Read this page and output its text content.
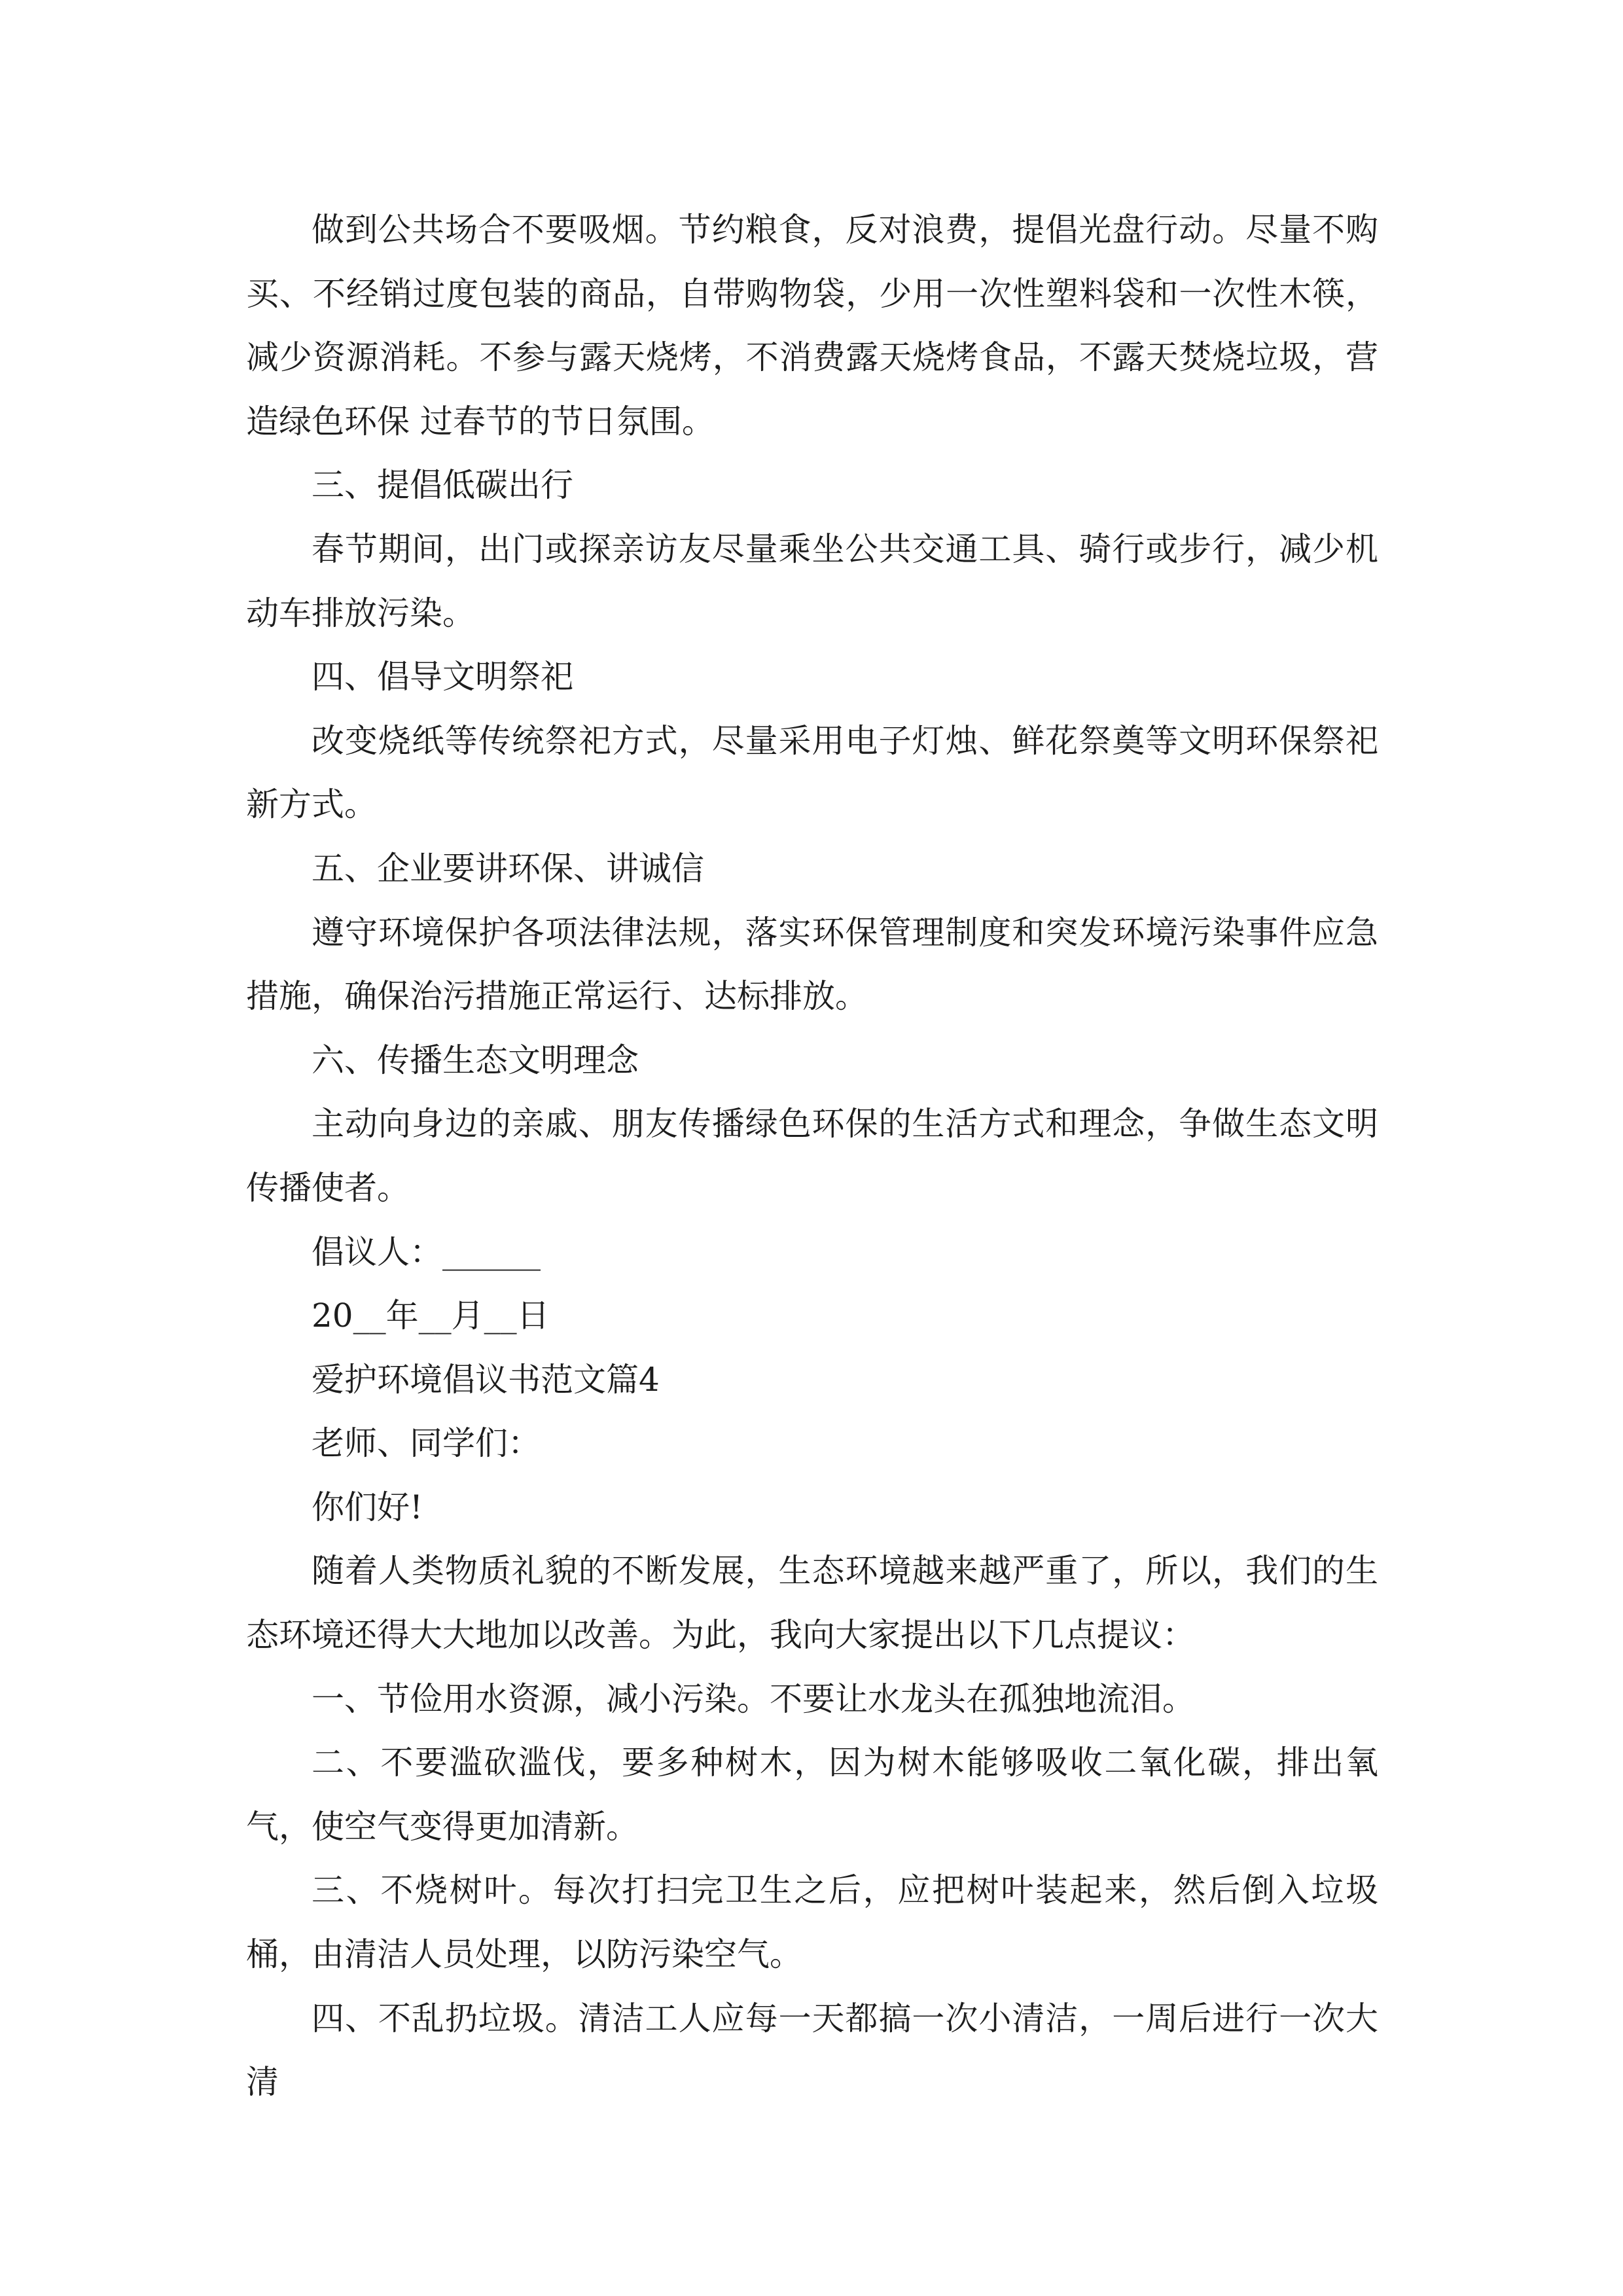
做到公共场合不要吸烟。节约粮食，反对浪费，提倡光盘行动。尽量不购买、不经销过度包装的商品，自带购物袋，少用一次性塑料袋和一次性木筷，减少资源消耗。不参与露天烧烤，不消费露天烧烤食品，不露天焚烧垃圾，营造绿色环保 过春节的节日氛围。

三、提倡低碳出行

春节期间，出门或探亲访友尽量乘坐公共交通工具、骑行或步行，减少机动车排放污染。

四、倡导文明祭祀

改变烧纸等传统祭祀方式，尽量采用电子灯烛、鲜花祭奠等文明环保祭祀新方式。

五、企业要讲环保、讲诚信

遵守环境保护各项法律法规，落实环保管理制度和突发环境污染事件应急措施，确保治污措施正常运行、达标排放。

六、传播生态文明理念

主动向身边的亲戚、朋友传播绿色环保的生活方式和理念，争做生态文明传播使者。

倡议人：______

20__年__月__日

爱护环境倡议书范文篇4

老师、同学们：

你们好!

随着人类物质礼貌的不断发展，生态环境越来越严重了，所以，我们的生态环境还得大大地加以改善。为此，我向大家提出以下几点提议：

一、节俭用水资源，减小污染。不要让水龙头在孤独地流泪。

二、不要滥砍滥伐，要多种树木，因为树木能够吸收二氧化碳，排出氧气，使空气变得更加清新。

三、不烧树叶。每次打扫完卫生之后，应把树叶装起来，然后倒入垃圾桶，由清洁人员处理，以防污染空气。

四、不乱扔垃圾。清洁工人应每一天都搞一次小清洁，一周后进行一次大清
